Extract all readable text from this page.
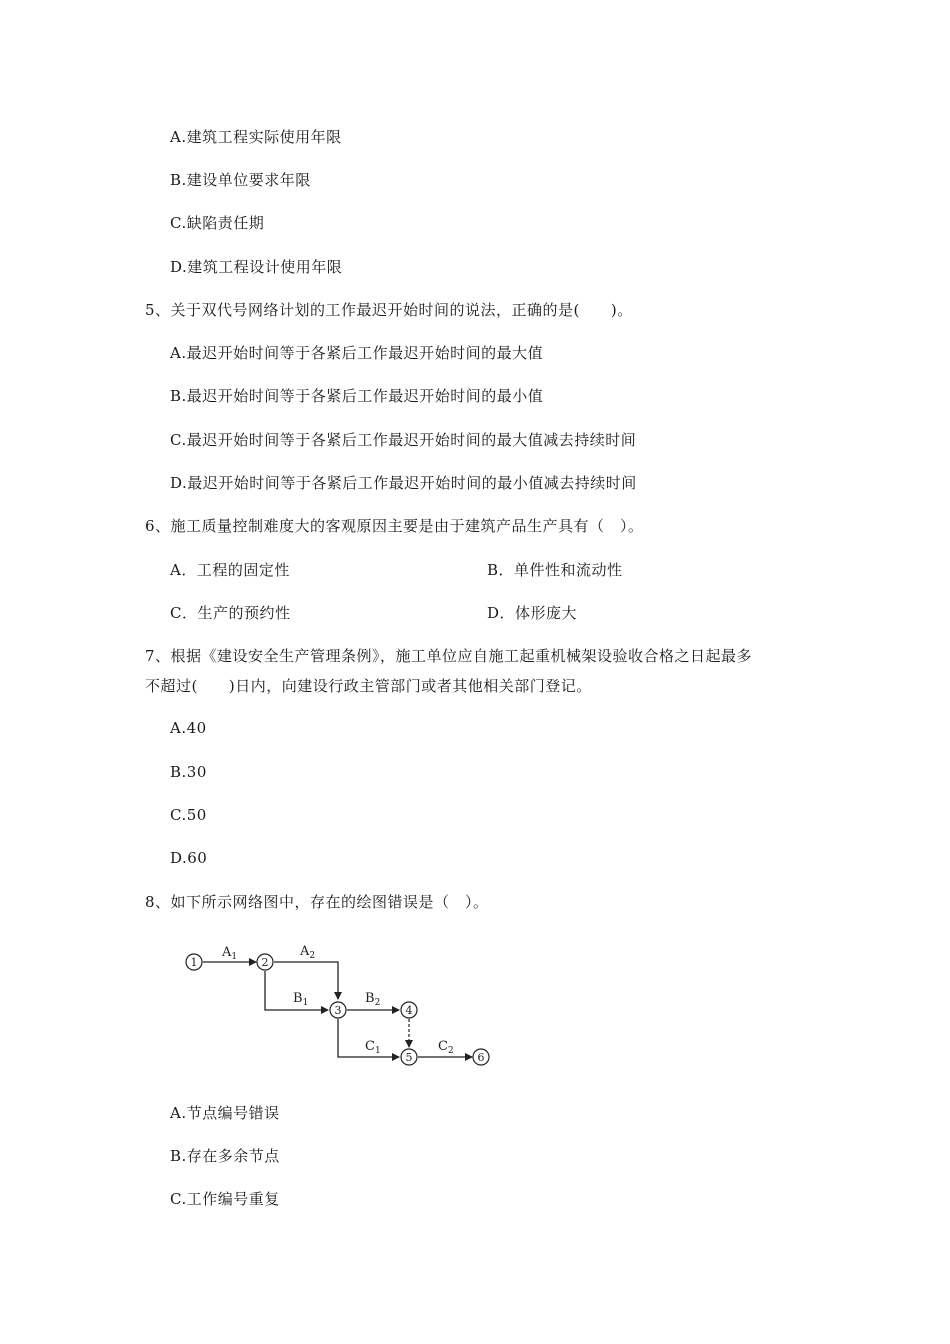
A.建筑工程实际使用年限
B.建设单位要求年限
C.缺陷责任期
D.建筑工程设计使用年限
5、关于双代号网络计划的工作最迟开始时间的说法，正确的是(　　)。
A.最迟开始时间等于各紧后工作最迟开始时间的最大值
B.最迟开始时间等于各紧后工作最迟开始时间的最小值
C.最迟开始时间等于各紧后工作最迟开始时间的最大值减去持续时间
D.最迟开始时间等于各紧后工作最迟开始时间的最小值减去持续时间
6、施工质量控制难度大的客观原因主要是由于建筑产品生产具有（　）。
A．工程的固定性	B．单件性和流动性
C．生产的预约性	D．体形庞大
7、根据《建设安全生产管理条例》，施工单位应自施工起重机械架设验收合格之日起最多
不超过(　　)日内，向建设行政主管部门或者其他相关部门登记。
A.40
B.30
C.50
D.60
8、如下所示网络图中，存在的绘图错误是（　）。
$A_1$	$A_2$
$B_1$	$B_2$
$C_1$	$C_2$
1	2
3	4
5	6
A.节点编号错误
B.存在多余节点
C.工作编号重复
